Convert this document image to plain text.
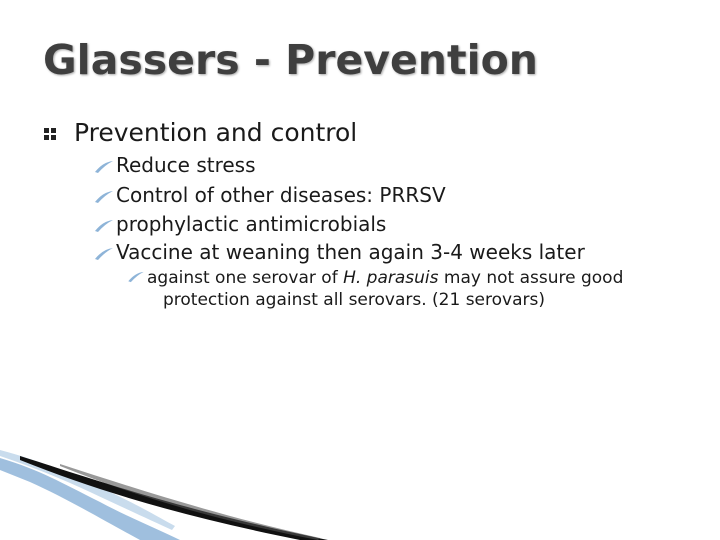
Glassers - Prevention
Prevention and control
Reduce stress
Control of other diseases: PRRSV
prophylactic antimicrobials
Vaccine at weaning then again 3-4 weeks later
against one serovar of H. parasuis may not assure good
protection against all serovars. (21 serovars)
